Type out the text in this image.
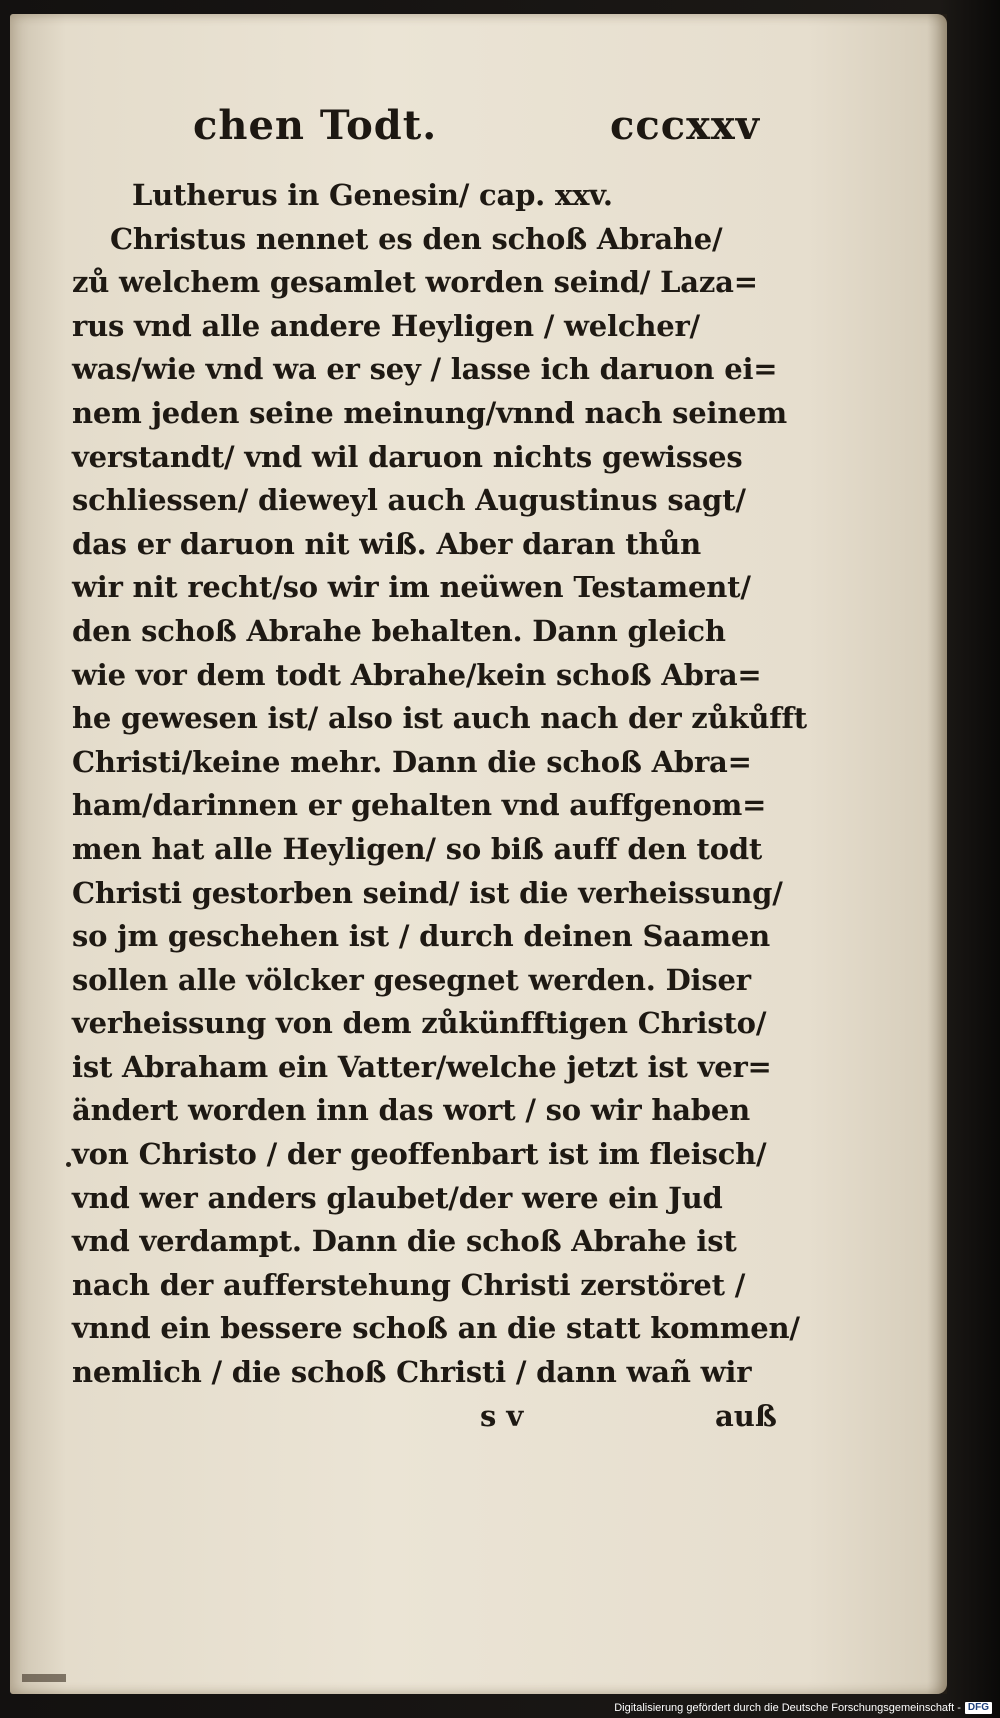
chen Todt.	cccxxv
Lutherus in Genesin/ cap. xxv.
Christus nennet es den schoß Abrahe/
zů welchem gesamlet worden seind/ Laza=
rus vnd alle andere Heyligen / welcher/
was/wie vnd wa er sey / lasse ich daruon ei=
nem jeden seine meinung/vnnd nach seinem
verstandt/ vnd wil daruon nichts gewisses
schliessen/ dieweyl auch Augustinus sagt/
das er daruon nit wiß. Aber daran thůn
wir nit recht/so wir im neüwen Testament/
den schoß Abrahe behalten. Dann gleich
wie vor dem todt Abrahe/kein schoß Abra=
he gewesen ist/ also ist auch nach der zůkůfft
Christi/keine mehr. Dann die schoß Abra=
ham/darinnen er gehalten vnd auffgenom=
men hat alle Heyligen/ so biß auff den todt
Christi gestorben seind/ ist die verheissung/
so jm geschehen ist / durch deinen Saamen
sollen alle völcker gesegnet werden. Diser
verheissung von dem zůkünfftigen Christo/
ist Abraham ein Vatter/welche jetzt ist ver=
ändert worden inn das wort / so wir haben
von Christo / der geoffenbart ist im fleisch/
vnd wer anders glaubet/der were ein Jud
vnd verdampt. Dann die schoß Abrahe ist
nach der aufferstehung Christi zerstöret /
vnnd ein bessere schoß an die statt kommen/
nemlich / die schoß Christi / dann wañ wir
s v	auß
Digitalisierung gefördert durch die Deutsche Forschungsgemeinschaft - DFG
